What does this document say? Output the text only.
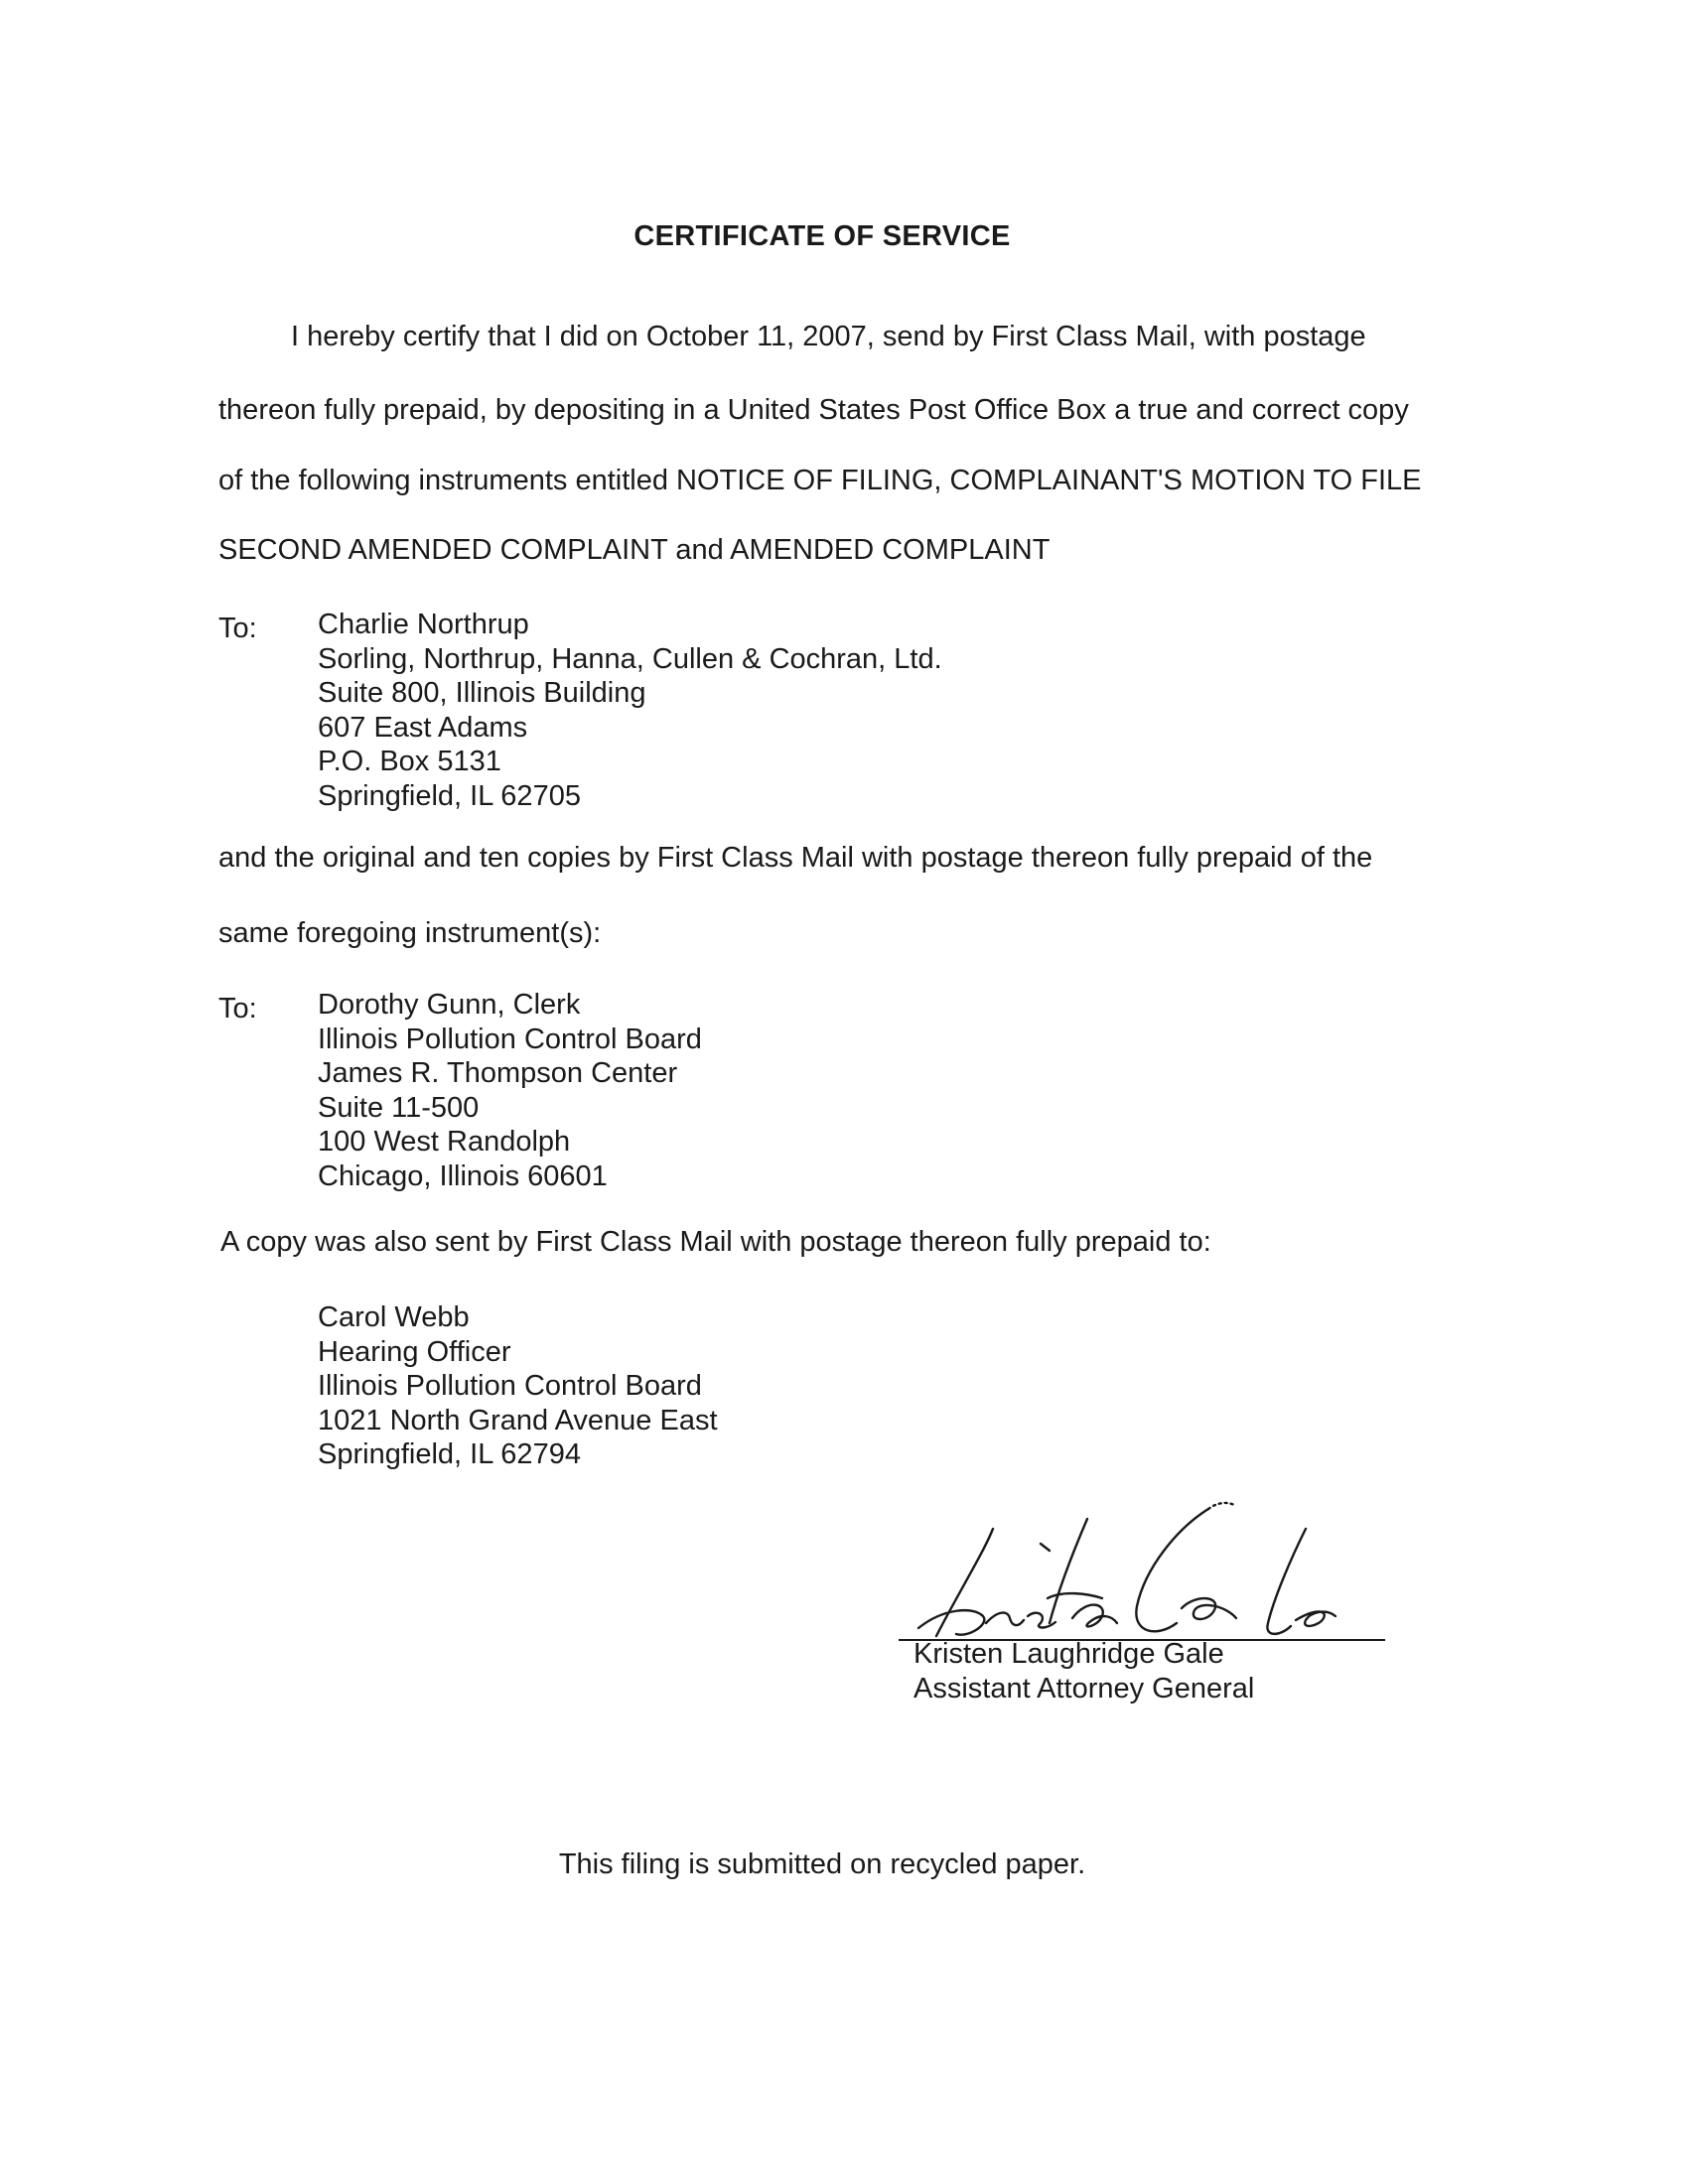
CERTIFICATE OF SERVICE
I hereby certify that I did on October 11, 2007, send by First Class Mail, with postage
thereon fully prepaid, by depositing in a United States Post Office Box a true and correct copy
of the following instruments entitled NOTICE OF FILING, COMPLAINANT'S MOTION TO FILE
SECOND AMENDED COMPLAINT and AMENDED COMPLAINT
To: Charlie Northrup
Sorling, Northrup, Hanna, Cullen & Cochran, Ltd.
Suite 800, Illinois Building
607 East Adams
P.O. Box 5131
Springfield, IL 62705
and the original and ten copies by First Class Mail with postage thereon fully prepaid of the
same foregoing instrument(s):
To: Dorothy Gunn, Clerk
Illinois Pollution Control Board
James R. Thompson Center
Suite 11-500
100 West Randolph
Chicago, Illinois 60601
A copy was also sent by First Class Mail with postage thereon fully prepaid to:
Carol Webb
Hearing Officer
Illinois Pollution Control Board
1021 North Grand Avenue East
Springfield, IL 62794
Kristen Laughridge Gale
Assistant Attorney General
This filing is submitted on recycled paper.
